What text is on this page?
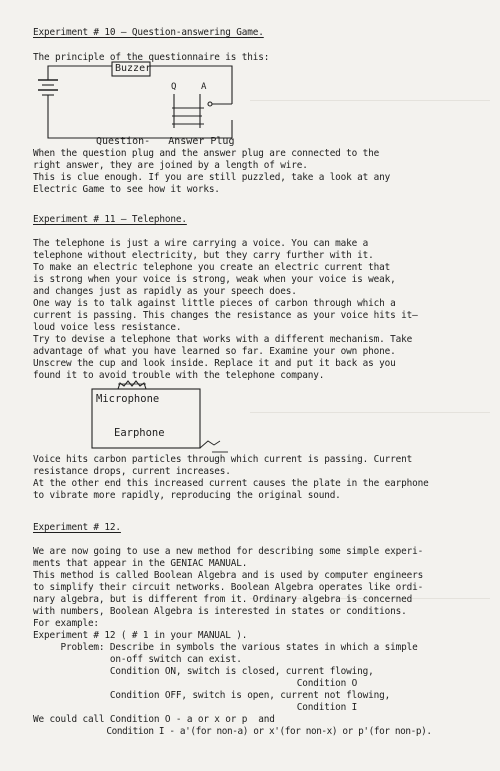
Experiment # 10 — Question-answering Game.
The principle of the questionnaire is this:
Buzzer
Q	A
Question-   Answer Plug
When the question plug and the answer plug are connected to the
right answer, they are joined by a length of wire.
This is clue enough. If you are still puzzled, take a look at any
Electric Game to see how it works.
Experiment # 11 — Telephone.
The telephone is just a wire carrying a voice. You can make a
telephone without electricity, but they carry further with it.
To make an electric telephone you create an electric current that
is strong when your voice is strong, weak when your voice is weak,
and changes just as rapidly as your speech does.
One way is to talk against little pieces of carbon through which a
current is passing. This changes the resistance as your voice hits it—
loud voice less resistance.
Try to devise a telephone that works with a different mechanism. Take
advantage of what you have learned so far. Examine your own phone.
Unscrew the cup and look inside. Replace it and put it back as you
found it to avoid trouble with the telephone company.
Microphone
Earphone
Voice hits carbon particles through which current is passing. Current
resistance drops, current increases.
At the other end this increased current causes the plate in the earphone
to vibrate more rapidly, reproducing the original sound.
Experiment # 12.
We are now going to use a new method for describing some simple experi-
ments that appear in the GENIAC MANUAL.
This method is called Boolean Algebra and is used by computer engineers
to simplify their circuit networks. Boolean Algebra operates like ordi-
nary algebra, but is different from it. Ordinary algebra is concerned
with numbers, Boolean Algebra is interested in states or conditions.
For example:
Experiment # 12 ( # 1 in your MANUAL ).
Problem: Describe in symbols the various states in which a simple
on-off switch can exist.
Condition ON, switch is closed, current flowing,
Condition O
Condition OFF, switch is open, current not flowing,
Condition I
We could call Condition O - a or x or p  and
Condition I - a'(for non-a) or x'(for non-x) or p'(for non-p).
